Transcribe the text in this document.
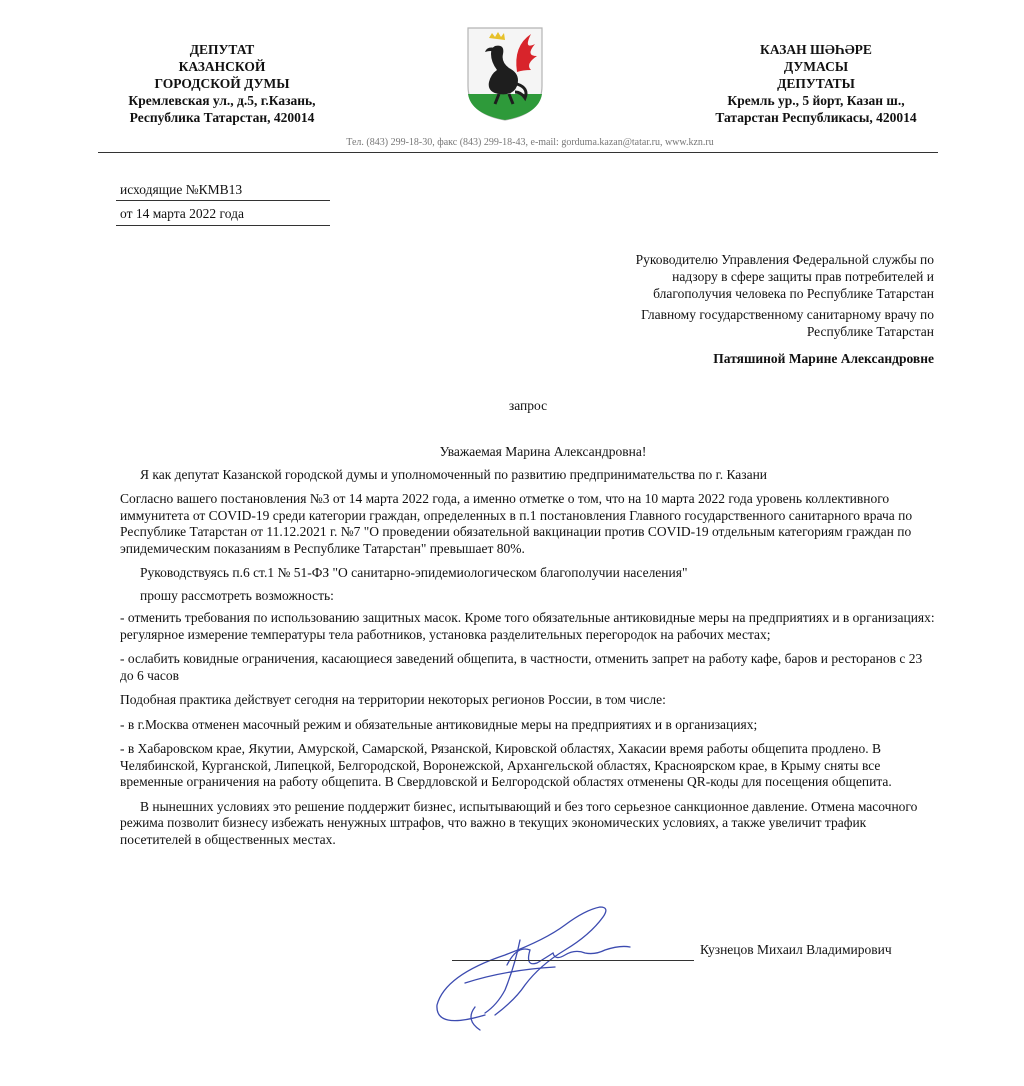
ДЕПУТАТ
КАЗАНСКОЙ
ГОРОДСКОЙ ДУМЫ
Кремлевская ул., д.5, г.Казань,
Республика Татарстан, 420014
КАЗАН ШӘҺӘРЕ
ДУМАСЫ
ДЕПУТАТЫ
Кремль ур., 5 йорт, Казан ш.,
Татарстан Республикасы, 420014
Тел. (843) 299-18-30, факс (843) 299-18-43, e-mail: gorduma.kazan@tatar.ru, www.kzn.ru
исходящие №КМВ13
от 14 марта 2022 года

Руководителю Управления Федеральной службы по

надзору в сфере защиты прав потребителей и

благополучия человека по Республике Татарстан

Главному государственному санитарному врачу по

Республике Татарстан

Патяшиной Марине Александровне

запрос

Уважаемая Марина Александровна!

Я как депутат Казанской городской думы и уполномоченный по развитию предпринимательства по г. Казани

Согласно вашего постановления №3 от 14 марта 2022 года, а именно отметке о том, что на 10 марта 2022 года уровень коллективного иммунитета от COVID-19 среди категории граждан, определенных в п.1 постановления Главного государственного санитарного врача по Республике Татарстан от 11.12.2021 г. №7 "О проведении обязательной вакцинации против COVID-19 отдельным категориям граждан по эпидемическим показаниям в Республике Татарстан" превышает 80%.

Руководствуясь п.6 ст.1 № 51-ФЗ "О санитарно-эпидемиологическом благополучии населения"

прошу рассмотреть возможность:

- отменить требования по использованию защитных масок. Кроме того обязательные антиковидные меры на предприятиях и в организациях: регулярное измерение температуры тела работников, установка разделительных перегородок на рабочих местах;

- ослабить ковидные ограничения, касающиеся заведений общепита, в частности, отменить запрет на работу кафе, баров и ресторанов с 23 до 6 часов

Подобная практика действует сегодня на территории некоторых регионов России, в том числе:

- в г.Москва отменен масочный режим и обязательные антиковидные меры на предприятиях и в организациях;

- в Хабаровском крае, Якутии, Амурской, Самарской, Рязанской, Кировской областях, Хакасии время работы общепита продлено. В Челябинской, Курганской, Липецкой, Белгородской, Воронежской, Архангельской областях, Красноярском крае, в Крыму сняты все временные ограничения на работу общепита. В Свердловской и Белгородской областях отменены QR-коды для посещения общепита.

В нынешних условиях это решение поддержит бизнес, испытывающий и без того серьезное санкционное давление. Отмена масочного режима позволит бизнесу избежать ненужных штрафов, что важно в текущих экономических условиях, а также увеличит трафик посетителей в общественных местах.

Кузнецов Михаил Владимирович
